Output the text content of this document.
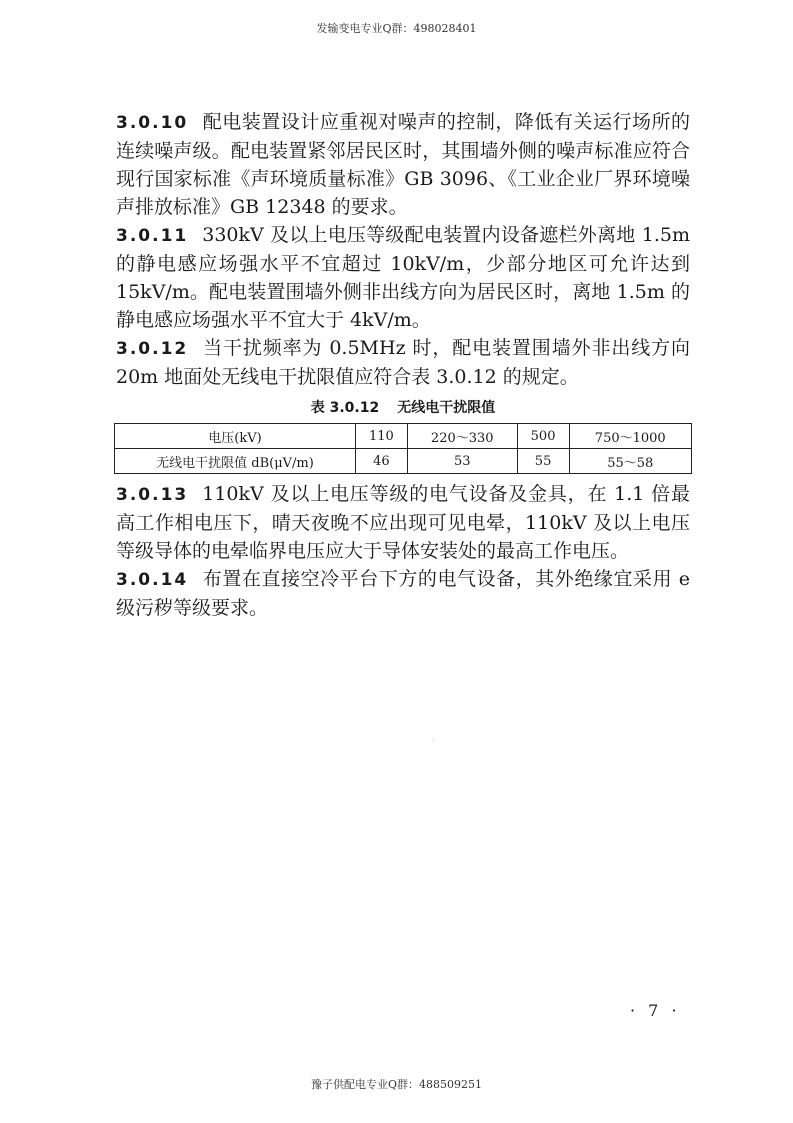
发输变电专业Q群：498028401

3.0.10 配电装置设计应重视对噪声的控制，降低有关运行场所的连续噪声级。配电装置紧邻居民区时，其围墙外侧的噪声标准应符合现行国家标准《声环境质量标准》GB 3096、《工业企业厂界环境噪声排放标准》GB 12348 的要求。

3.0.11 330kV 及以上电压等级配电装置内设备遮栏外离地 1.5m 的静电感应场强水平不宜超过 10kV/m，少部分地区可允许达到 15kV/m。配电装置围墙外侧非出线方向为居民区时，离地 1.5m 的静电感应场强水平不宜大于 4kV/m。

3.0.12 当干扰频率为 0.5MHz 时，配电装置围墙外非出线方向 20m 地面处无线电干扰限值应符合表 3.0.12 的规定。

表 3.0.12 无线电干扰限值
电压(kV)	110	220～330	500	750～1000
无线电干扰限值 dB(μV/m)	46	53	55	55～58

3.0.13 110kV 及以上电压等级的电气设备及金具，在 1.1 倍最高工作相电压下，晴天夜晚不应出现可见电晕，110kV 及以上电压等级导体的电晕临界电压应大于导体安装处的最高工作电压。

3.0.14 布置在直接空冷平台下方的电气设备，其外绝缘宜采用 e 级污秽等级要求。

· 7 ·
豫子供配电专业Q群：488509251
